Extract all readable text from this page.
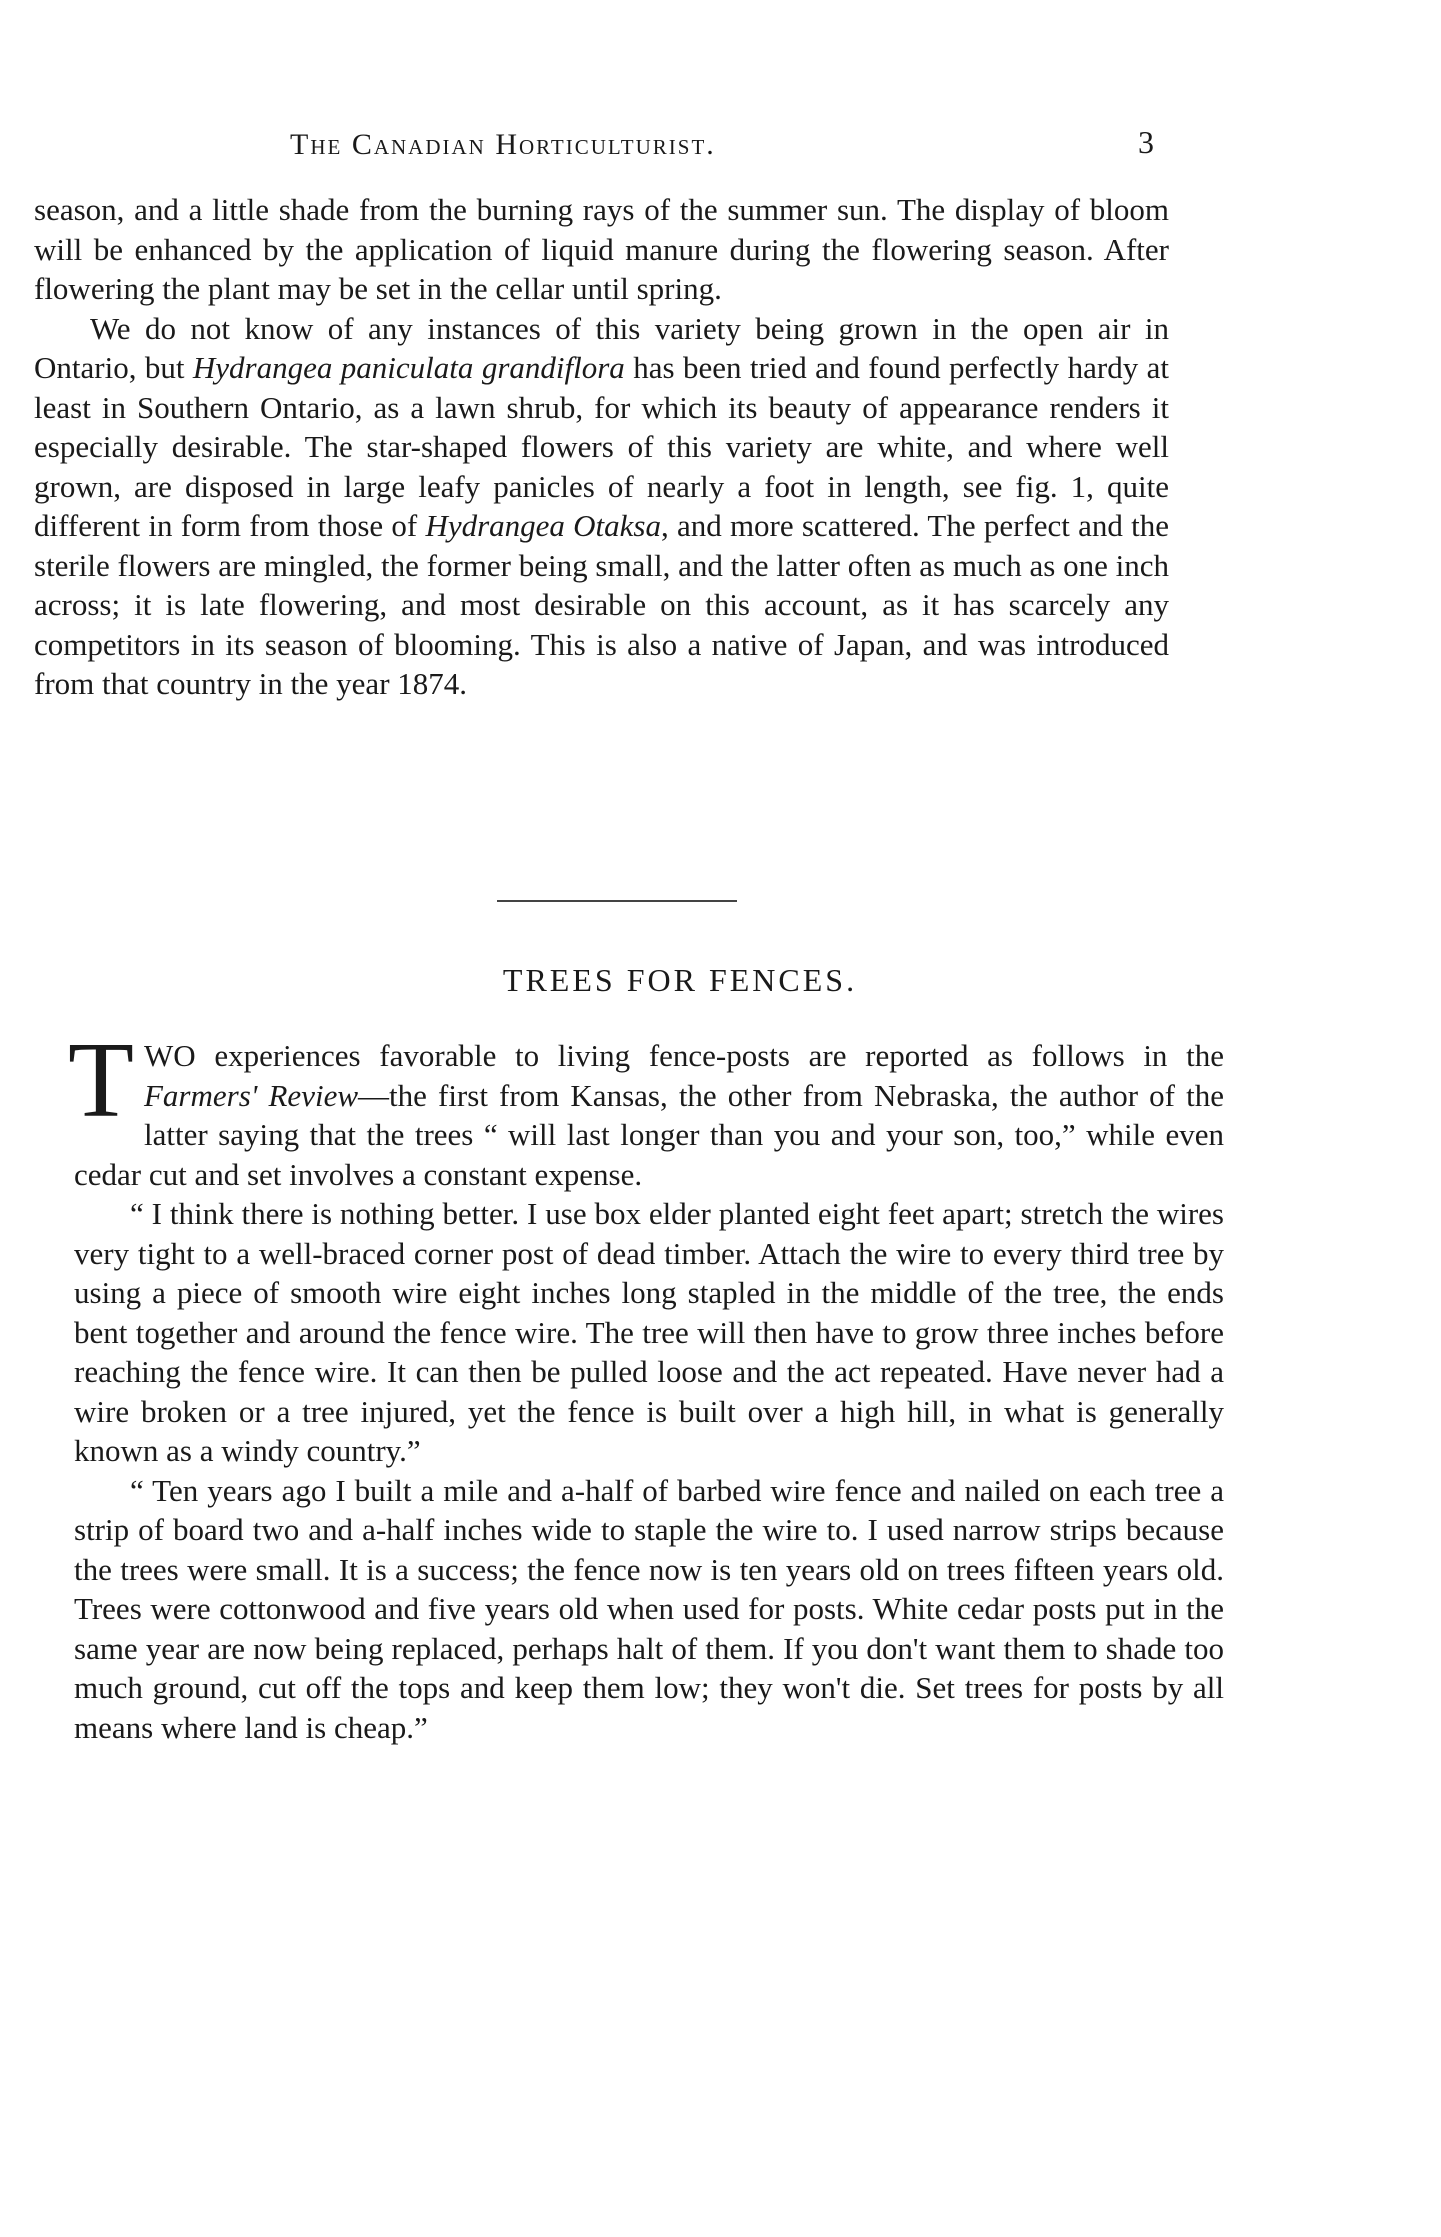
The Canadian Horticulturist.	3

season, and a little shade from the burning rays of the summer sun. The display of bloom will be enhanced by the application of liquid manure during the flowering season. After flowering the plant may be set in the cellar until spring.

We do not know of any instances of this variety being grown in the open air in Ontario, but Hydrangea paniculata grandiflora has been tried and found perfectly hardy at least in Southern Ontario, as a lawn shrub, for which its beauty of appearance renders it especially desirable. The star-shaped flowers of this variety are white, and where well grown, are disposed in large leafy panicles of nearly a foot in length, see fig. 1, quite different in form from those of Hydrangea Otaksa, and more scattered. The perfect and the sterile flowers are mingled, the former being small, and the latter often as much as one inch across; it is late flowering, and most desirable on this account, as it has scarcely any competitors in its season of blooming. This is also a native of Japan, and was introduced from that country in the year 1874.

TREES FOR FENCES.

TWO experiences favorable to living fence-posts are reported as follows in the Farmers' Review—the first from Kansas, the other from Nebraska, the author of the latter saying that the trees “ will last longer than you and your son, too,” while even cedar cut and set involves a constant expense.

“ I think there is nothing better. I use box elder planted eight feet apart; stretch the wires very tight to a well-braced corner post of dead timber. Attach the wire to every third tree by using a piece of smooth wire eight inches long stapled in the middle of the tree, the ends bent together and around the fence wire. The tree will then have to grow three inches before reaching the fence wire. It can then be pulled loose and the act repeated. Have never had a wire broken or a tree injured, yet the fence is built over a high hill, in what is generally known as a windy country.”

“ Ten years ago I built a mile and a-half of barbed wire fence and nailed on each tree a strip of board two and a-half inches wide to staple the wire to. I used narrow strips because the trees were small. It is a success; the fence now is ten years old on trees fifteen years old. Trees were cottonwood and five years old when used for posts. White cedar posts put in the same year are now being replaced, perhaps halt of them. If you don't want them to shade too much ground, cut off the tops and keep them low; they won't die. Set trees for posts by all means where land is cheap.”
